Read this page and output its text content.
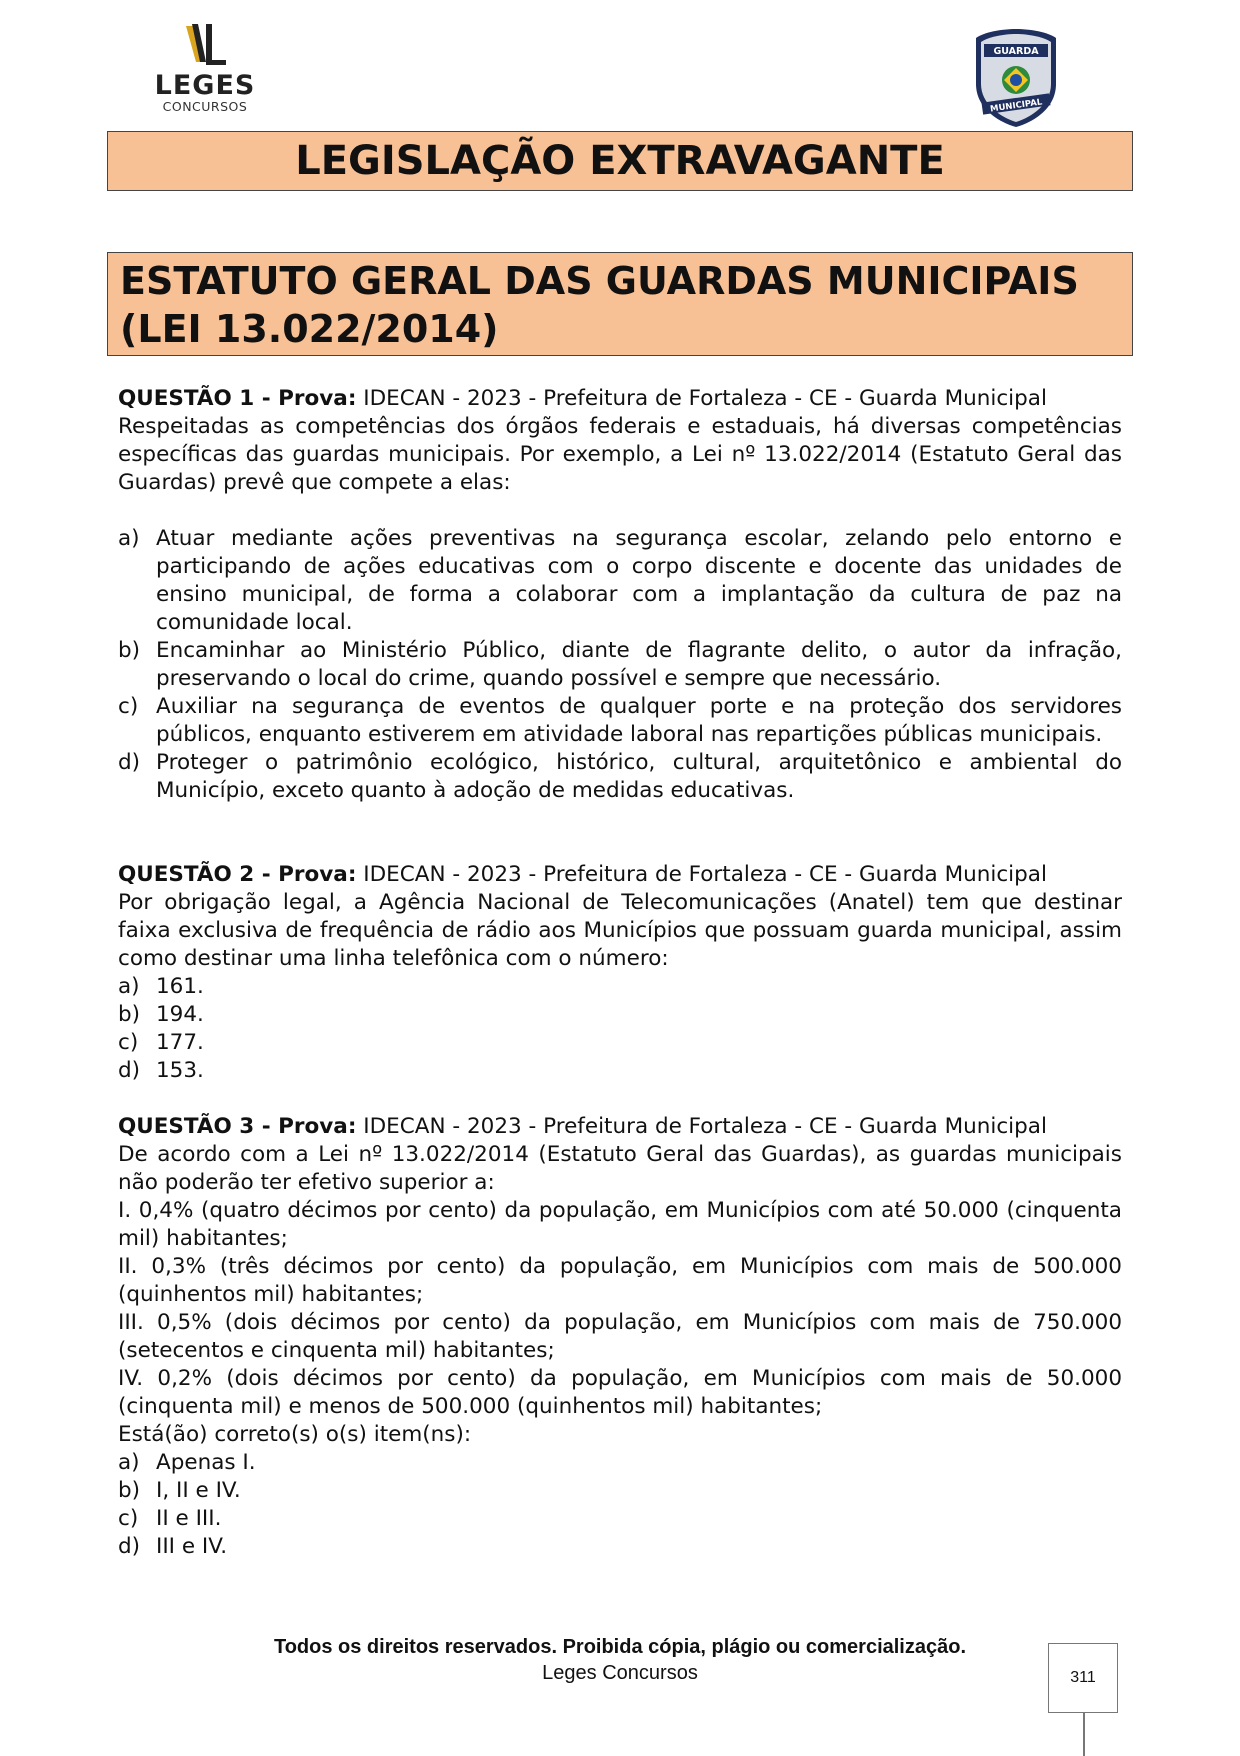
LEGES
CONCURSOS
GUARDA
MUNICIPAL
LEGISLAÇÃO EXTRAVAGANTE
ESTATUTO GERAL DAS GUARDAS MUNICIPAIS
(LEI 13.022/2014)

QUESTÃO 1 - Prova: IDECAN - 2023 - Prefeitura de Fortaleza - CE - Guarda Municipal

Respeitadas as competências dos órgãos federais e estaduais, há diversas competências específicas das guardas municipais. Por exemplo, a Lei nº 13.022/2014 (Estatuto Geral das Guardas) prevê que compete a elas:

a) Atuar mediante ações preventivas na segurança escolar, zelando pelo entorno e participando de ações educativas com o corpo discente e docente das unidades de ensino municipal, de forma a colaborar com a implantação da cultura de paz na comunidade local.
b) Encaminhar ao Ministério Público, diante de flagrante delito, o autor da infração, preservando o local do crime, quando possível e sempre que necessário.
c) Auxiliar na segurança de eventos de qualquer porte e na proteção dos servidores públicos, enquanto estiverem em atividade laboral nas repartições públicas municipais.
d) Proteger o patrimônio ecológico, histórico, cultural, arquitetônico e ambiental do Município, exceto quanto à adoção de medidas educativas.

QUESTÃO 2 - Prova: IDECAN - 2023 - Prefeitura de Fortaleza - CE - Guarda Municipal

Por obrigação legal, a Agência Nacional de Telecomunicações (Anatel) tem que destinar faixa exclusiva de frequência de rádio aos Municípios que possuam guarda municipal, assim como destinar uma linha telefônica com o número:

a) 161.
b) 194.
c) 177.
d) 153.

QUESTÃO 3 - Prova: IDECAN - 2023 - Prefeitura de Fortaleza - CE - Guarda Municipal

De acordo com a Lei nº 13.022/2014 (Estatuto Geral das Guardas), as guardas municipais não poderão ter efetivo superior a:

I. 0,4% (quatro décimos por cento) da população, em Municípios com até 50.000 (cinquenta mil) habitantes;

II. 0,3% (três décimos por cento) da população, em Municípios com mais de 500.000 (quinhentos mil) habitantes;

III. 0,5% (dois décimos por cento) da população, em Municípios com mais de 750.000 (setecentos e cinquenta mil) habitantes;

IV. 0,2% (dois décimos por cento) da população, em Municípios com mais de 50.000 (cinquenta mil) e menos de 500.000 (quinhentos mil) habitantes;

Está(ão) correto(s) o(s) item(ns):

a) Apenas I.
b) I, II e IV.
c) II e III.
d) III e IV.
Todos os direitos reservados. Proibida cópia, plágio ou comercialização.
Leges Concursos	311
